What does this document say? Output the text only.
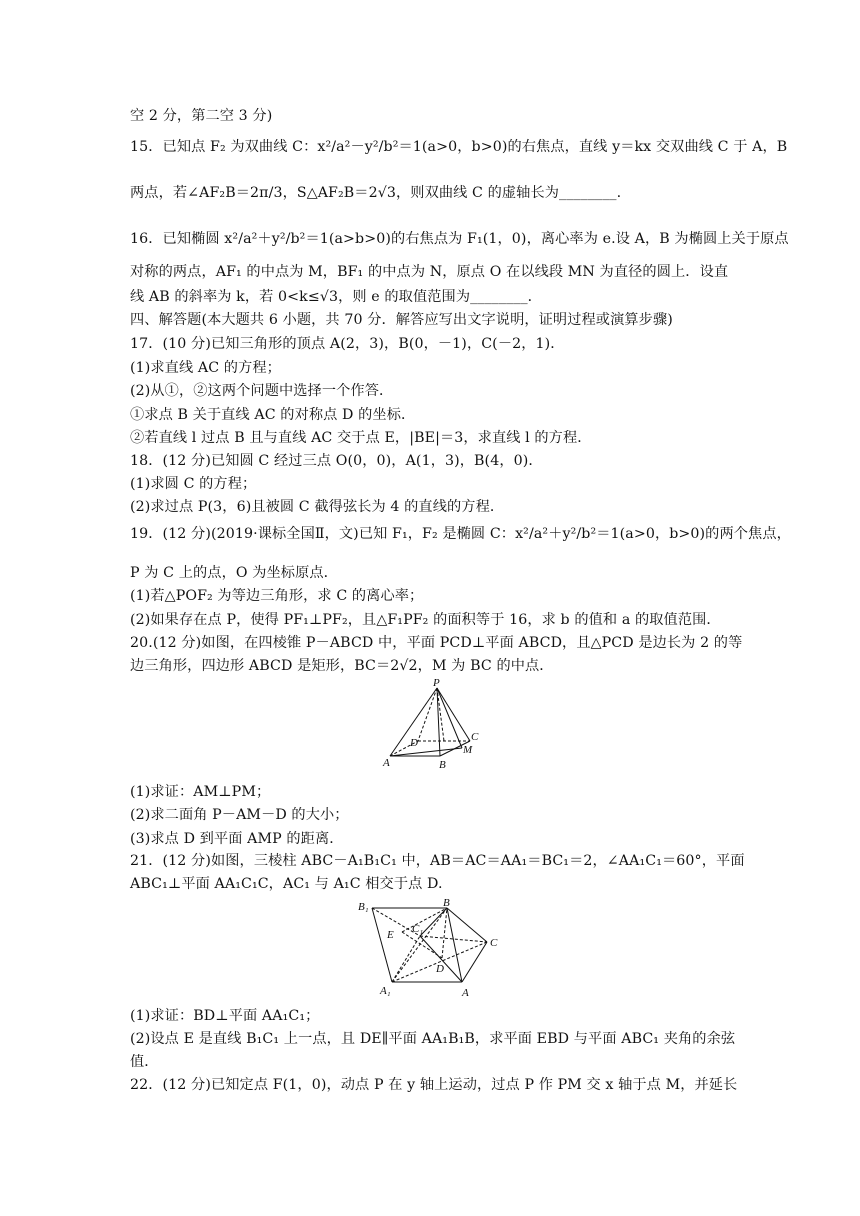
空 2 分，第二空 3 分)
15．已知点 F₂ 为双曲线 C：x²/a²－y²/b²＝1(a>0，b>0)的右焦点，直线 y＝kx 交双曲线 C 于 A，B
两点，若∠AF₂B＝2π/3，S△AF₂B＝2√3，则双曲线 C 的虚轴长为________.
16．已知椭圆 x²/a²＋y²/b²＝1(a>b>0)的右焦点为 F₁(1，0)，离心率为 e.设 A，B 为椭圆上关于原点
对称的两点，AF₁ 的中点为 M，BF₁ 的中点为 N，原点 O 在以线段 MN 为直径的圆上．设直
线 AB 的斜率为 k，若 0<k≤√3，则 e 的取值范围为________．
四、解答题(本大题共 6 小题，共 70 分．解答应写出文字说明，证明过程或演算步骤)
17．(10 分)已知三角形的顶点 A(2，3)，B(0，－1)，C(－2，1)．
(1)求直线 AC 的方程；
(2)从①，②这两个问题中选择一个作答．
①求点 B 关于直线 AC 的对称点 D 的坐标．
②若直线 l 过点 B 且与直线 AC 交于点 E，|BE|＝3，求直线 l 的方程．
18．(12 分)已知圆 C 经过三点 O(0，0)，A(1，3)，B(4，0)．
(1)求圆 C 的方程；
(2)求过点 P(3，6)且被圆 C 截得弦长为 4 的直线的方程．
19．(12 分)(2019·课标全国Ⅱ，文)已知 F₁，F₂ 是椭圆 C：x²/a²＋y²/b²＝1(a>0，b>0)的两个焦点，
P 为 C 上的点，O 为坐标原点．
(1)若△POF₂ 为等边三角形，求 C 的离心率；
(2)如果存在点 P，使得 PF₁⊥PF₂，且△F₁PF₂ 的面积等于 16，求 b 的值和 a 的取值范围．
20.(12 分)如图，在四棱锥 P－ABCD 中，平面 PCD⊥平面 ABCD，且△PCD 是边长为 2 的等
边三角形，四边形 ABCD 是矩形，BC＝2√2，M 为 BC 的中点．
P
D	C
M
A	B
(1)求证：AM⊥PM；
(2)求二面角 P－AM－D 的大小；
(3)求点 D 到平面 AMP 的距离．
21．(12 分)如图，三棱柱 ABC－A₁B₁C₁ 中，AB＝AC＝AA₁＝BC₁＝2，∠AA₁C₁＝60°，平面
ABC₁⊥平面 AA₁C₁C，AC₁ 与 A₁C 相交于点 D.
B₁	B
C₁
E
C
D
A₁	A
(1)求证：BD⊥平面 AA₁C₁；
(2)设点 E 是直线 B₁C₁ 上一点，且 DE∥平面 AA₁B₁B，求平面 EBD 与平面 ABC₁ 夹角的余弦
值．
22．(12 分)已知定点 F(1，0)，动点 P 在 y 轴上运动，过点 P 作 PM 交 x 轴于点 M，并延长
